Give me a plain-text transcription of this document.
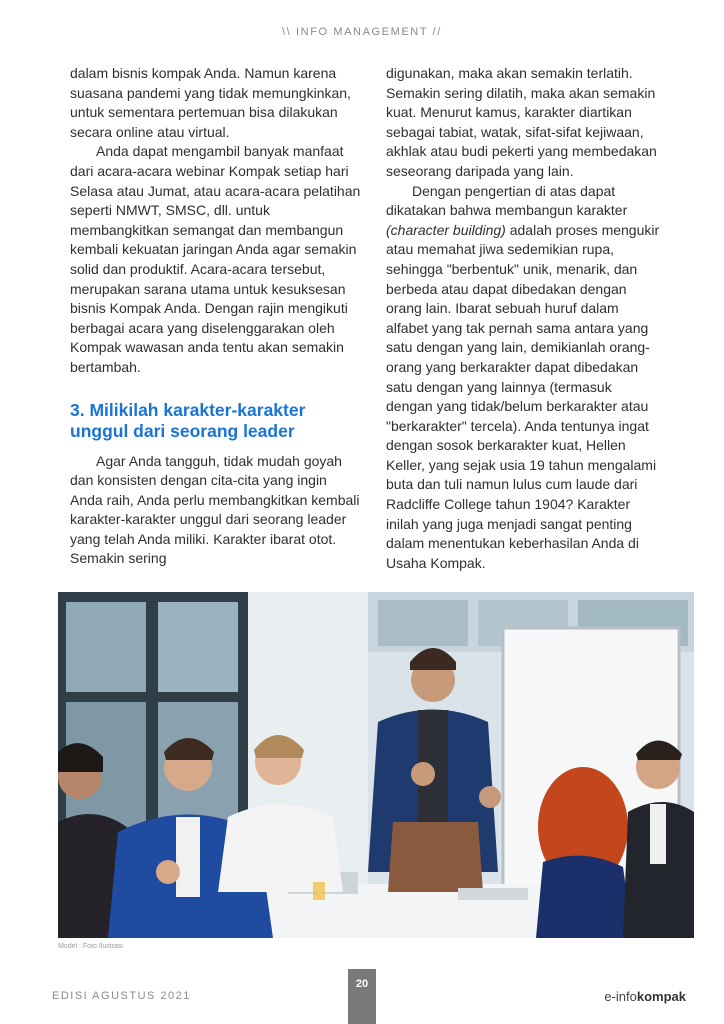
\\ INFO MANAGEMENT //

dalam bisnis kompak Anda. Namun karena suasana pandemi yang tidak memungkinkan, untuk sementara pertemuan bisa dilakukan secara online atau virtual.

Anda dapat mengambil banyak manfaat dari acara-acara webinar Kompak setiap hari Selasa atau Jumat, atau acara-acara pelatihan seperti NMWT, SMSC, dll. untuk membangkitkan semangat dan membangun kembali kekuatan jaringan Anda agar semakin solid dan produktif. Acara-acara tersebut, merupakan sarana utama untuk kesuksesan bisnis Kompak Anda. Dengan rajin mengikuti berbagai acara yang diselenggarakan oleh Kompak wawasan anda tentu akan semakin bertambah.

3. Milikilah karakter-karakter unggul dari seorang leader

Agar Anda tangguh, tidak mudah goyah dan konsisten dengan cita-cita yang ingin Anda raih, Anda perlu membangkitkan kembali karakter-karakter unggul dari seorang leader yang telah Anda miliki. Karakter ibarat otot. Semakin sering

digunakan, maka akan semakin terlatih. Semakin sering dilatih, maka akan semakin kuat. Menurut kamus, karakter diartikan sebagai tabiat, watak, sifat-sifat kejiwaan, akhlak atau budi pekerti yang membedakan seseorang daripada yang lain.

Dengan pengertian di atas dapat dikatakan bahwa membangun karakter (character building) adalah proses mengukir atau memahat jiwa sedemikian rupa, sehingga "berbentuk" unik, menarik, dan berbeda atau dapat dibedakan dengan orang lain. Ibarat sebuah huruf dalam alfabet yang tak pernah sama antara yang satu dengan yang lain, demikianlah orang-orang yang berkarakter dapat dibedakan satu dengan yang lainnya (termasuk dengan yang tidak/belum berkarakter atau "berkarakter" tercela). Anda tentunya ingat dengan sosok berkarakter kuat, Hellen Keller, yang sejak usia 19 tahun mengalami buta dan tuli namun lulus cum laude dari Radcliffe College tahun 1904? Karakter inilah yang juga menjadi sangat penting dalam menentukan keberhasilan Anda di Usaha Kompak.

Model : Foto Ilustrasi
EDISI AGUSTUS 2021
20
e-infokompak
